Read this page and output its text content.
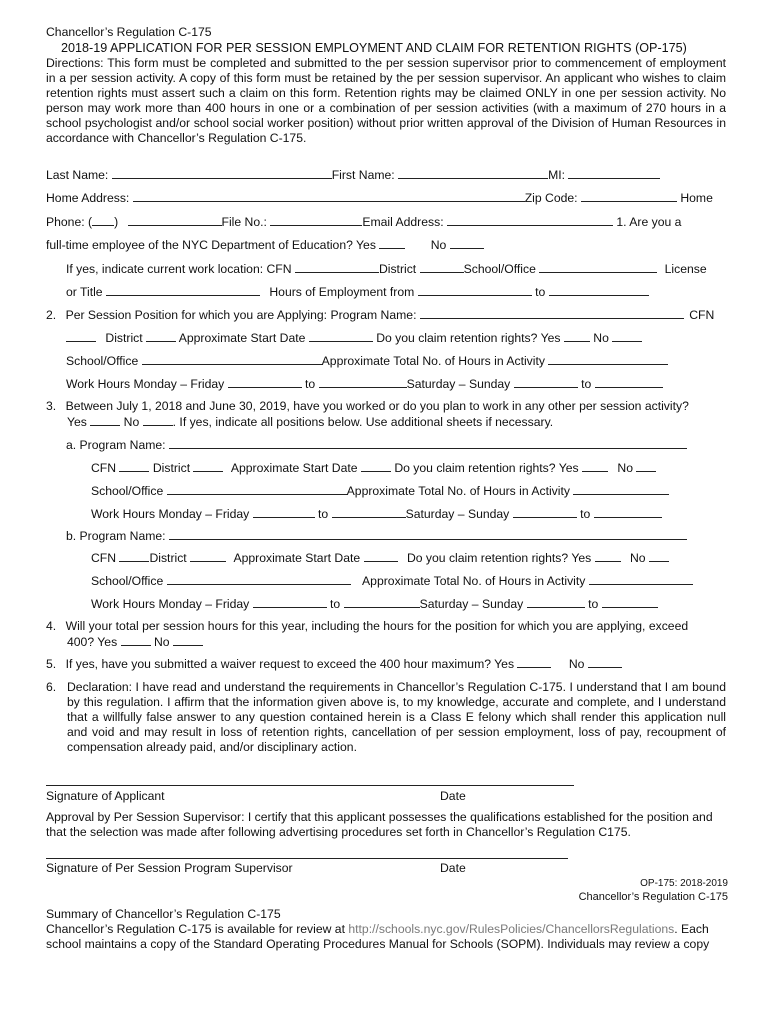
Chancellor’s Regulation C-175
2018-19 APPLICATION FOR PER SESSION EMPLOYMENT AND CLAIM FOR RETENTION RIGHTS (OP-175)
Directions: This form must be completed and submitted to the per session supervisor prior to commencement of employment in a per session activity. A copy of this form must be retained by the per session supervisor. An applicant who wishes to claim retention rights must assert such a claim on this form. Retention rights may be claimed ONLY in one per session activity. No person may work more than 400 hours in one or a combination of per session activities (with a maximum of 270 hours in a school psychologist and/or school social worker position) without prior written approval of the Division of Human Resources in accordance with Chancellor’s Regulation C-175.
Last Name:	First Name:	MI:
Home Address:	Zip Code:	Home
Phone: ( )	File No.:	Email Address:	1. Are you a
full-time employee of the NYC Department of Education? Yes	No
If yes, indicate current work location: CFN	District	School/Office	License
or Title	Hours of Employment from	to
2. Per Session Position for which you are Applying: Program Name:	CFN
District	Approximate Start Date	Do you claim retention rights? Yes	No
School/Office	Approximate Total No. of Hours in Activity
Work Hours Monday – Friday	to	Saturday – Sunday	to
3. Between July 1, 2018 and June 30, 2019, have you worked or do you plan to work in any other per session activity?
Yes	No	. If yes, indicate all positions below. Use additional sheets if necessary.
a. Program Name:
CFN	District	Approximate Start Date	Do you claim retention rights? Yes	No
School/Office	Approximate Total No. of Hours in Activity
Work Hours Monday – Friday	to	Saturday – Sunday	to
b. Program Name:
CFN	District	Approximate Start Date	Do you claim retention rights? Yes	No
School/Office	Approximate Total No. of Hours in Activity
Work Hours Monday – Friday	to	Saturday – Sunday	to
4. Will your total per session hours for this year, including the hours for the position for which you are applying, exceed
400? Yes	No
5. If yes, have you submitted a waiver request to exceed the 400 hour maximum? Yes	No
6. Declaration: I have read and understand the requirements in Chancellor’s Regulation C-175. I understand that I am bound by this regulation. I affirm that the information given above is, to my knowledge, accurate and complete, and I understand that a willfully false answer to any question contained herein is a Class E felony which shall render this application null and void and may result in loss of retention rights, cancellation of per session employment, loss of pay, recoupment of compensation already paid, and/or disciplinary action.
Signature of Applicant	Date
Approval by Per Session Supervisor: I certify that this applicant possesses the qualifications established for the position and that the selection was made after following advertising procedures set forth in Chancellor’s Regulation C175.
Signature of Per Session Program Supervisor	Date
OP-175: 2018-2019
Chancellor’s Regulation C-175
Summary of Chancellor’s Regulation C-175
Chancellor’s Regulation C-175 is available for review at http://schools.nyc.gov/RulesPolicies/ChancellorsRegulations. Each
school maintains a copy of the Standard Operating Procedures Manual for Schools (SOPM). Individuals may review a copy
